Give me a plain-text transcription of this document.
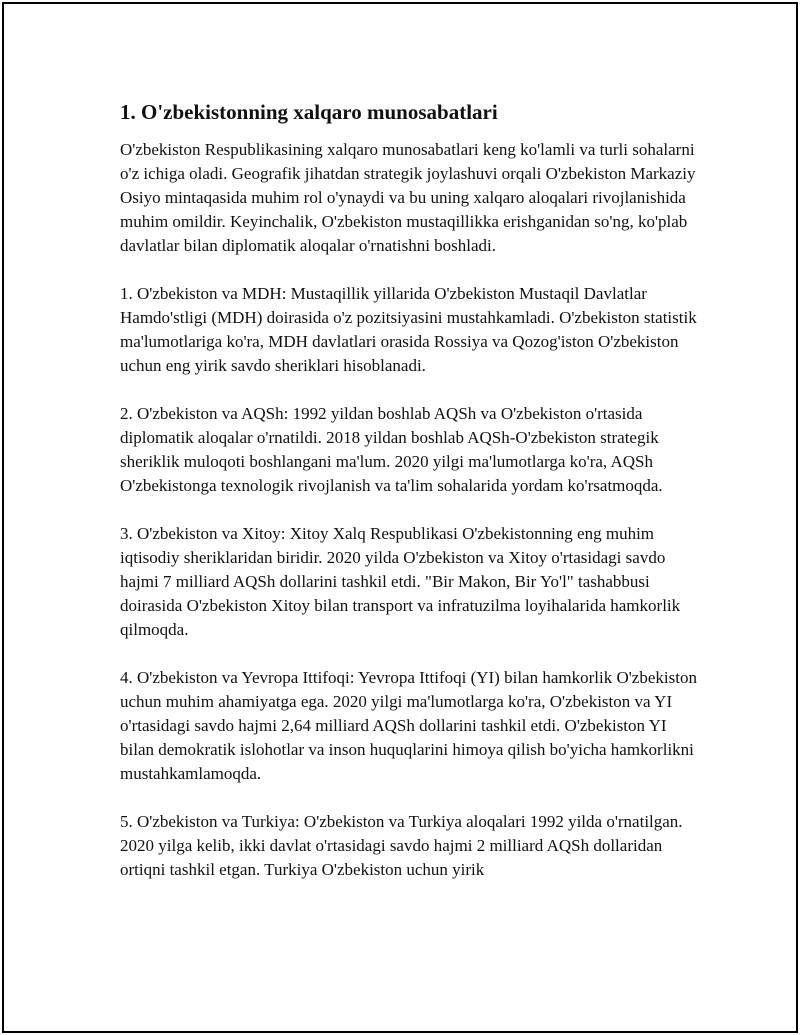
1. O'zbekistonning xalqaro munosabatlari

O'zbekiston Respublikasining xalqaro munosabatlari keng ko'lamli va turli sohalarni o'z ichiga oladi. Geografik jihatdan strategik joylashuvi orqali O'zbekiston Markaziy Osiyo mintaqasida muhim rol o'ynaydi va bu uning xalqaro aloqalari rivojlanishida muhim omildir. Keyinchalik, O'zbekiston mustaqillikka erishganidan so'ng, ko'plab davlatlar bilan diplomatik aloqalar o'rnatishni boshladi.

1. O'zbekiston va MDH: Mustaqillik yillarida O'zbekiston Mustaqil Davlatlar Hamdo'stligi (MDH) doirasida o'z pozitsiyasini mustahkamladi. O'zbekiston statistik ma'lumotlariga ko'ra, MDH davlatlari orasida Rossiya va Qozog'iston O'zbekiston uchun eng yirik savdo sheriklari hisoblanadi.

2. O'zbekiston va AQSh: 1992 yildan boshlab AQSh va O'zbekiston o'rtasida diplomatik aloqalar o'rnatildi. 2018 yildan boshlab AQSh-O'zbekiston strategik sheriklik muloqoti boshlangani ma'lum. 2020 yilgi ma'lumotlarga ko'ra, AQSh O'zbekistonga texnologik rivojlanish va ta'lim sohalarida yordam ko'rsatmoqda.

3. O'zbekiston va Xitoy: Xitoy Xalq Respublikasi O'zbekistonning eng muhim iqtisodiy sheriklaridan biridir. 2020 yilda O'zbekiston va Xitoy o'rtasidagi savdo hajmi 7 milliard AQSh dollarini tashkil etdi. "Bir Makon, Bir Yo'l" tashabbusi doirasida O'zbekiston Xitoy bilan transport va infratuzilma loyihalarida hamkorlik qilmoqda.

4. O'zbekiston va Yevropa Ittifoqi: Yevropa Ittifoqi (YI) bilan hamkorlik O'zbekiston uchun muhim ahamiyatga ega. 2020 yilgi ma'lumotlarga ko'ra, O'zbekiston va YI o'rtasidagi savdo hajmi 2,64 milliard AQSh dollarini tashkil etdi. O'zbekiston YI bilan demokratik islohotlar va inson huquqlarini himoya qilish bo'yicha hamkorlikni mustahkamlamoqda.

5. O'zbekiston va Turkiya: O'zbekiston va Turkiya aloqalari 1992 yilda o'rnatilgan. 2020 yilga kelib, ikki davlat o'rtasidagi savdo hajmi 2 milliard AQSh dollaridan ortiqni tashkil etgan. Turkiya O'zbekiston uchun yirik
